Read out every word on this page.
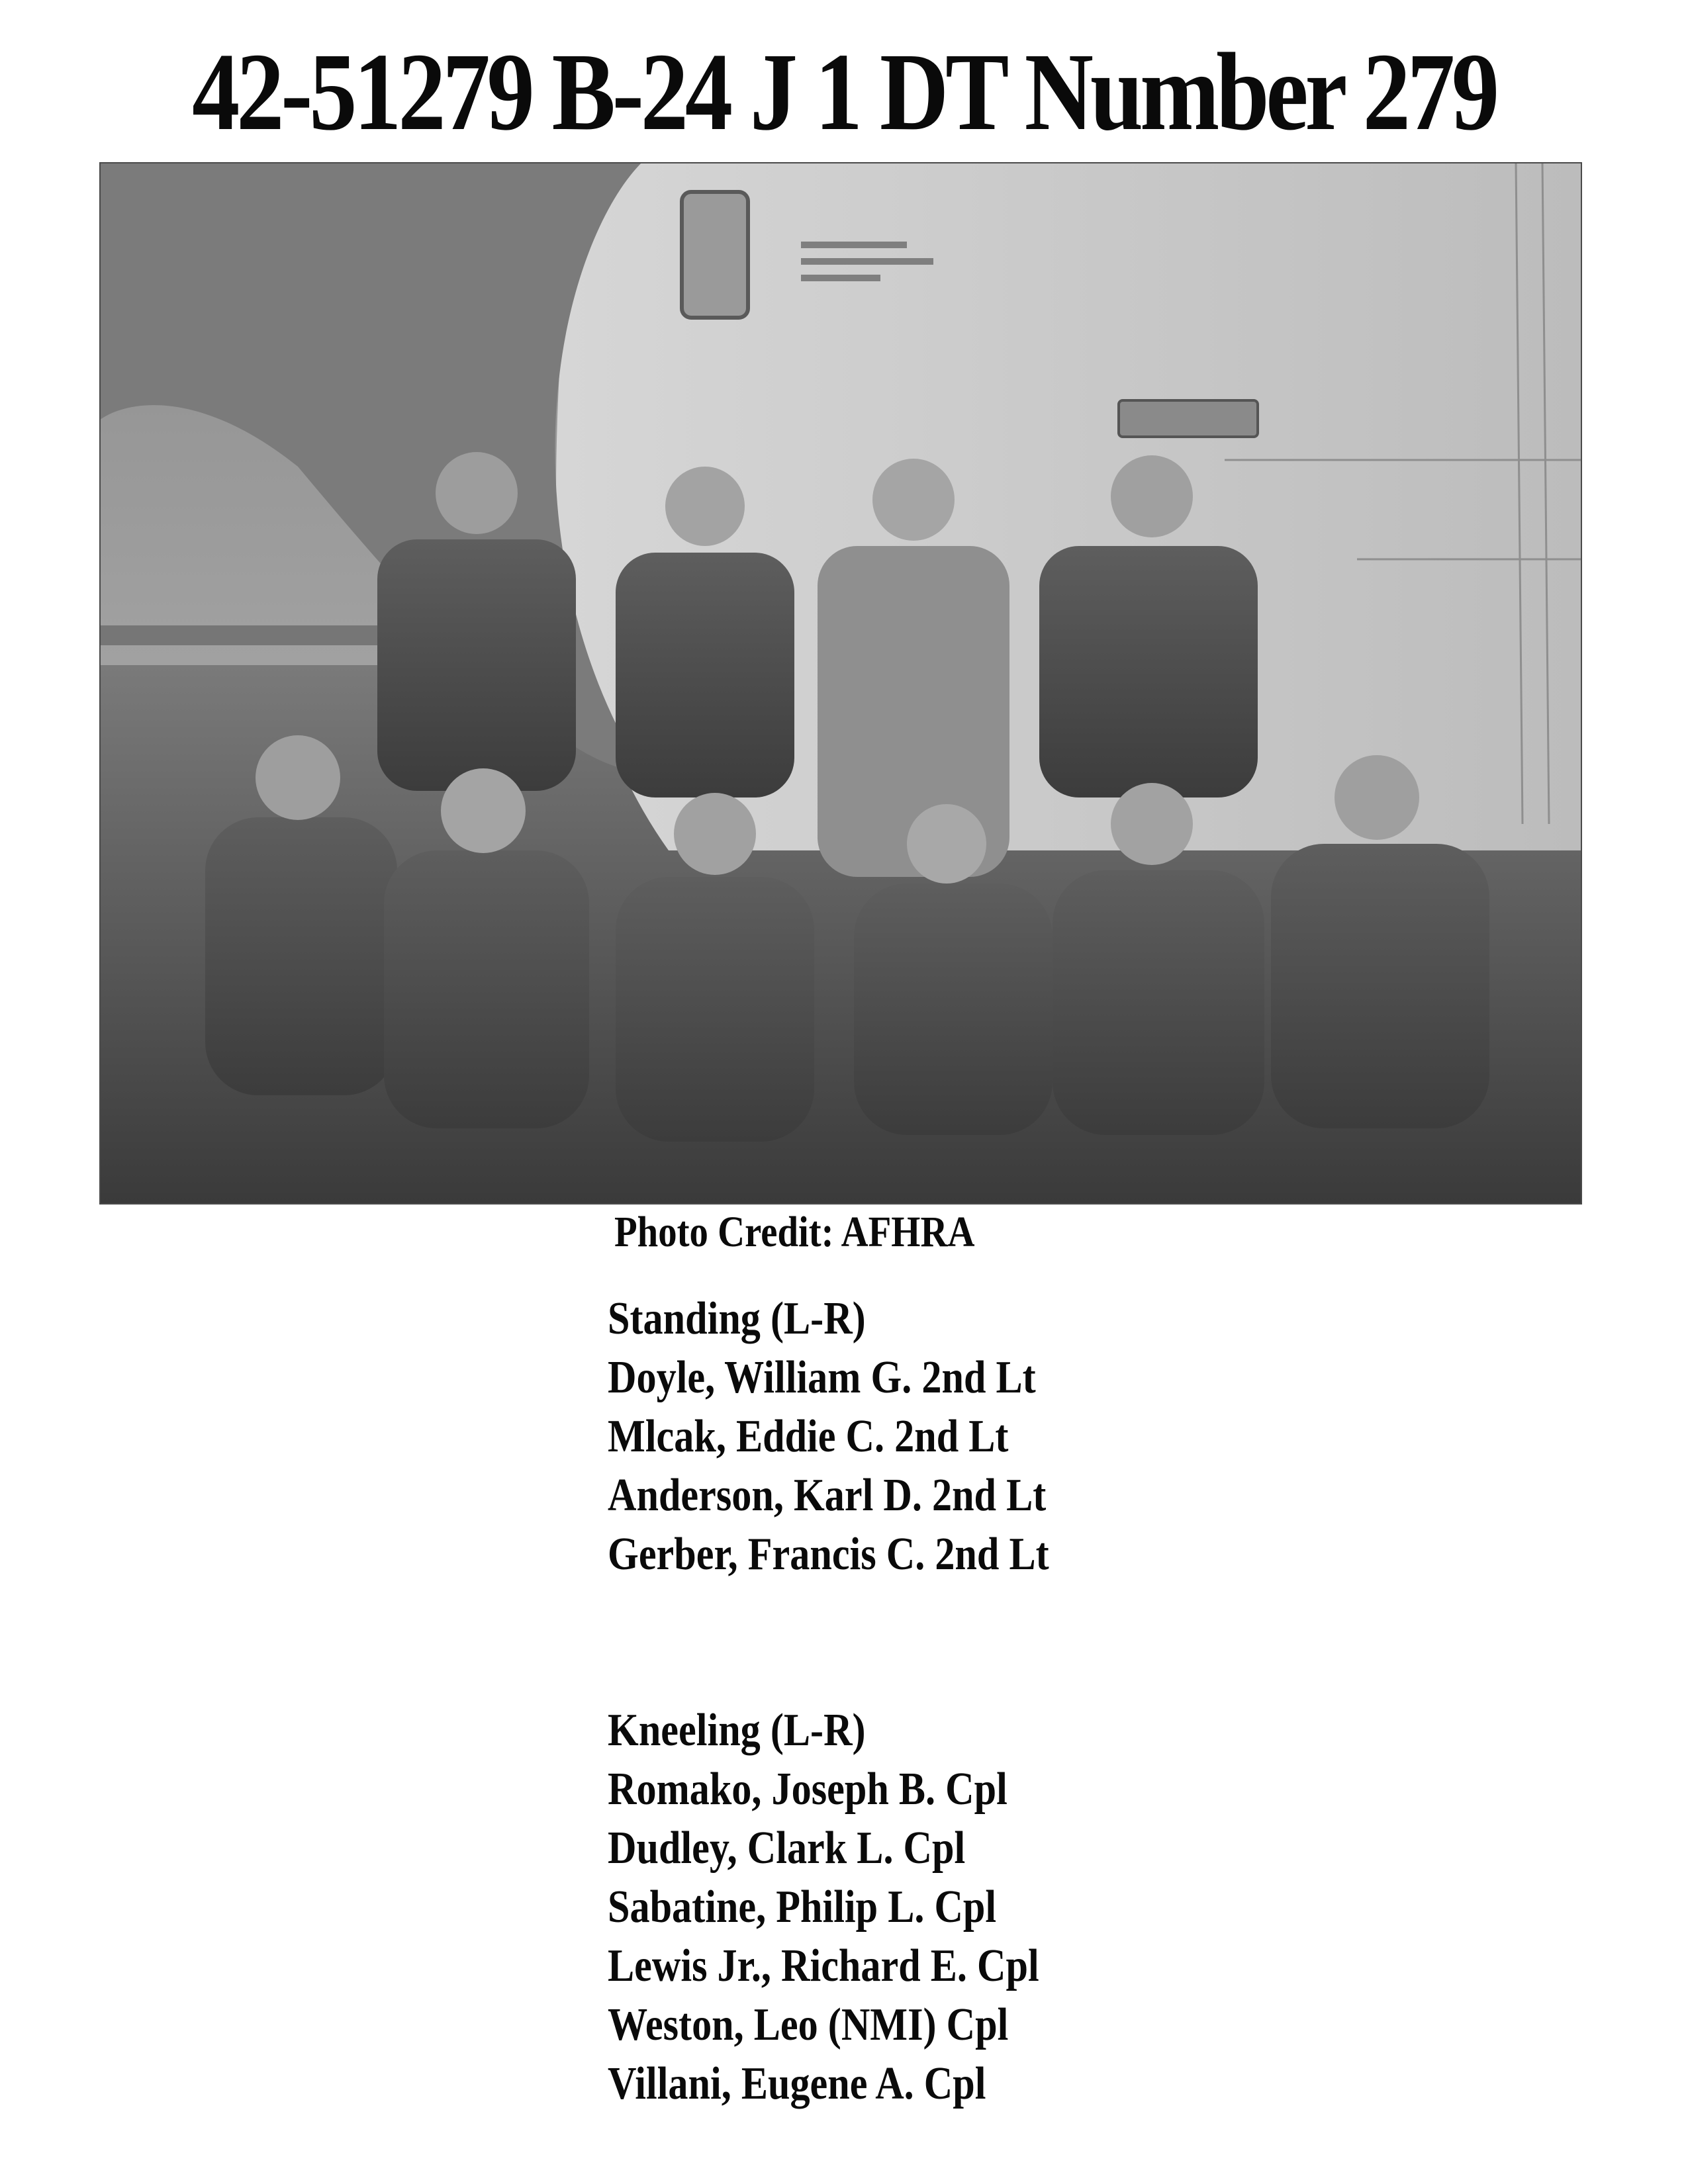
42-51279 B-24 J 1 DT Number 279
Photo Credit: AFHRA
Standing (L-R)
Doyle, William G. 2nd Lt
Mlcak, Eddie C. 2nd Lt
Anderson, Karl D. 2nd Lt
Gerber, Francis C. 2nd Lt
Kneeling (L-R)
Romako, Joseph B. Cpl
Dudley, Clark L. Cpl
Sabatine, Philip L. Cpl
Lewis Jr., Richard E. Cpl
Weston, Leo (NMI) Cpl
Villani, Eugene A. Cpl
